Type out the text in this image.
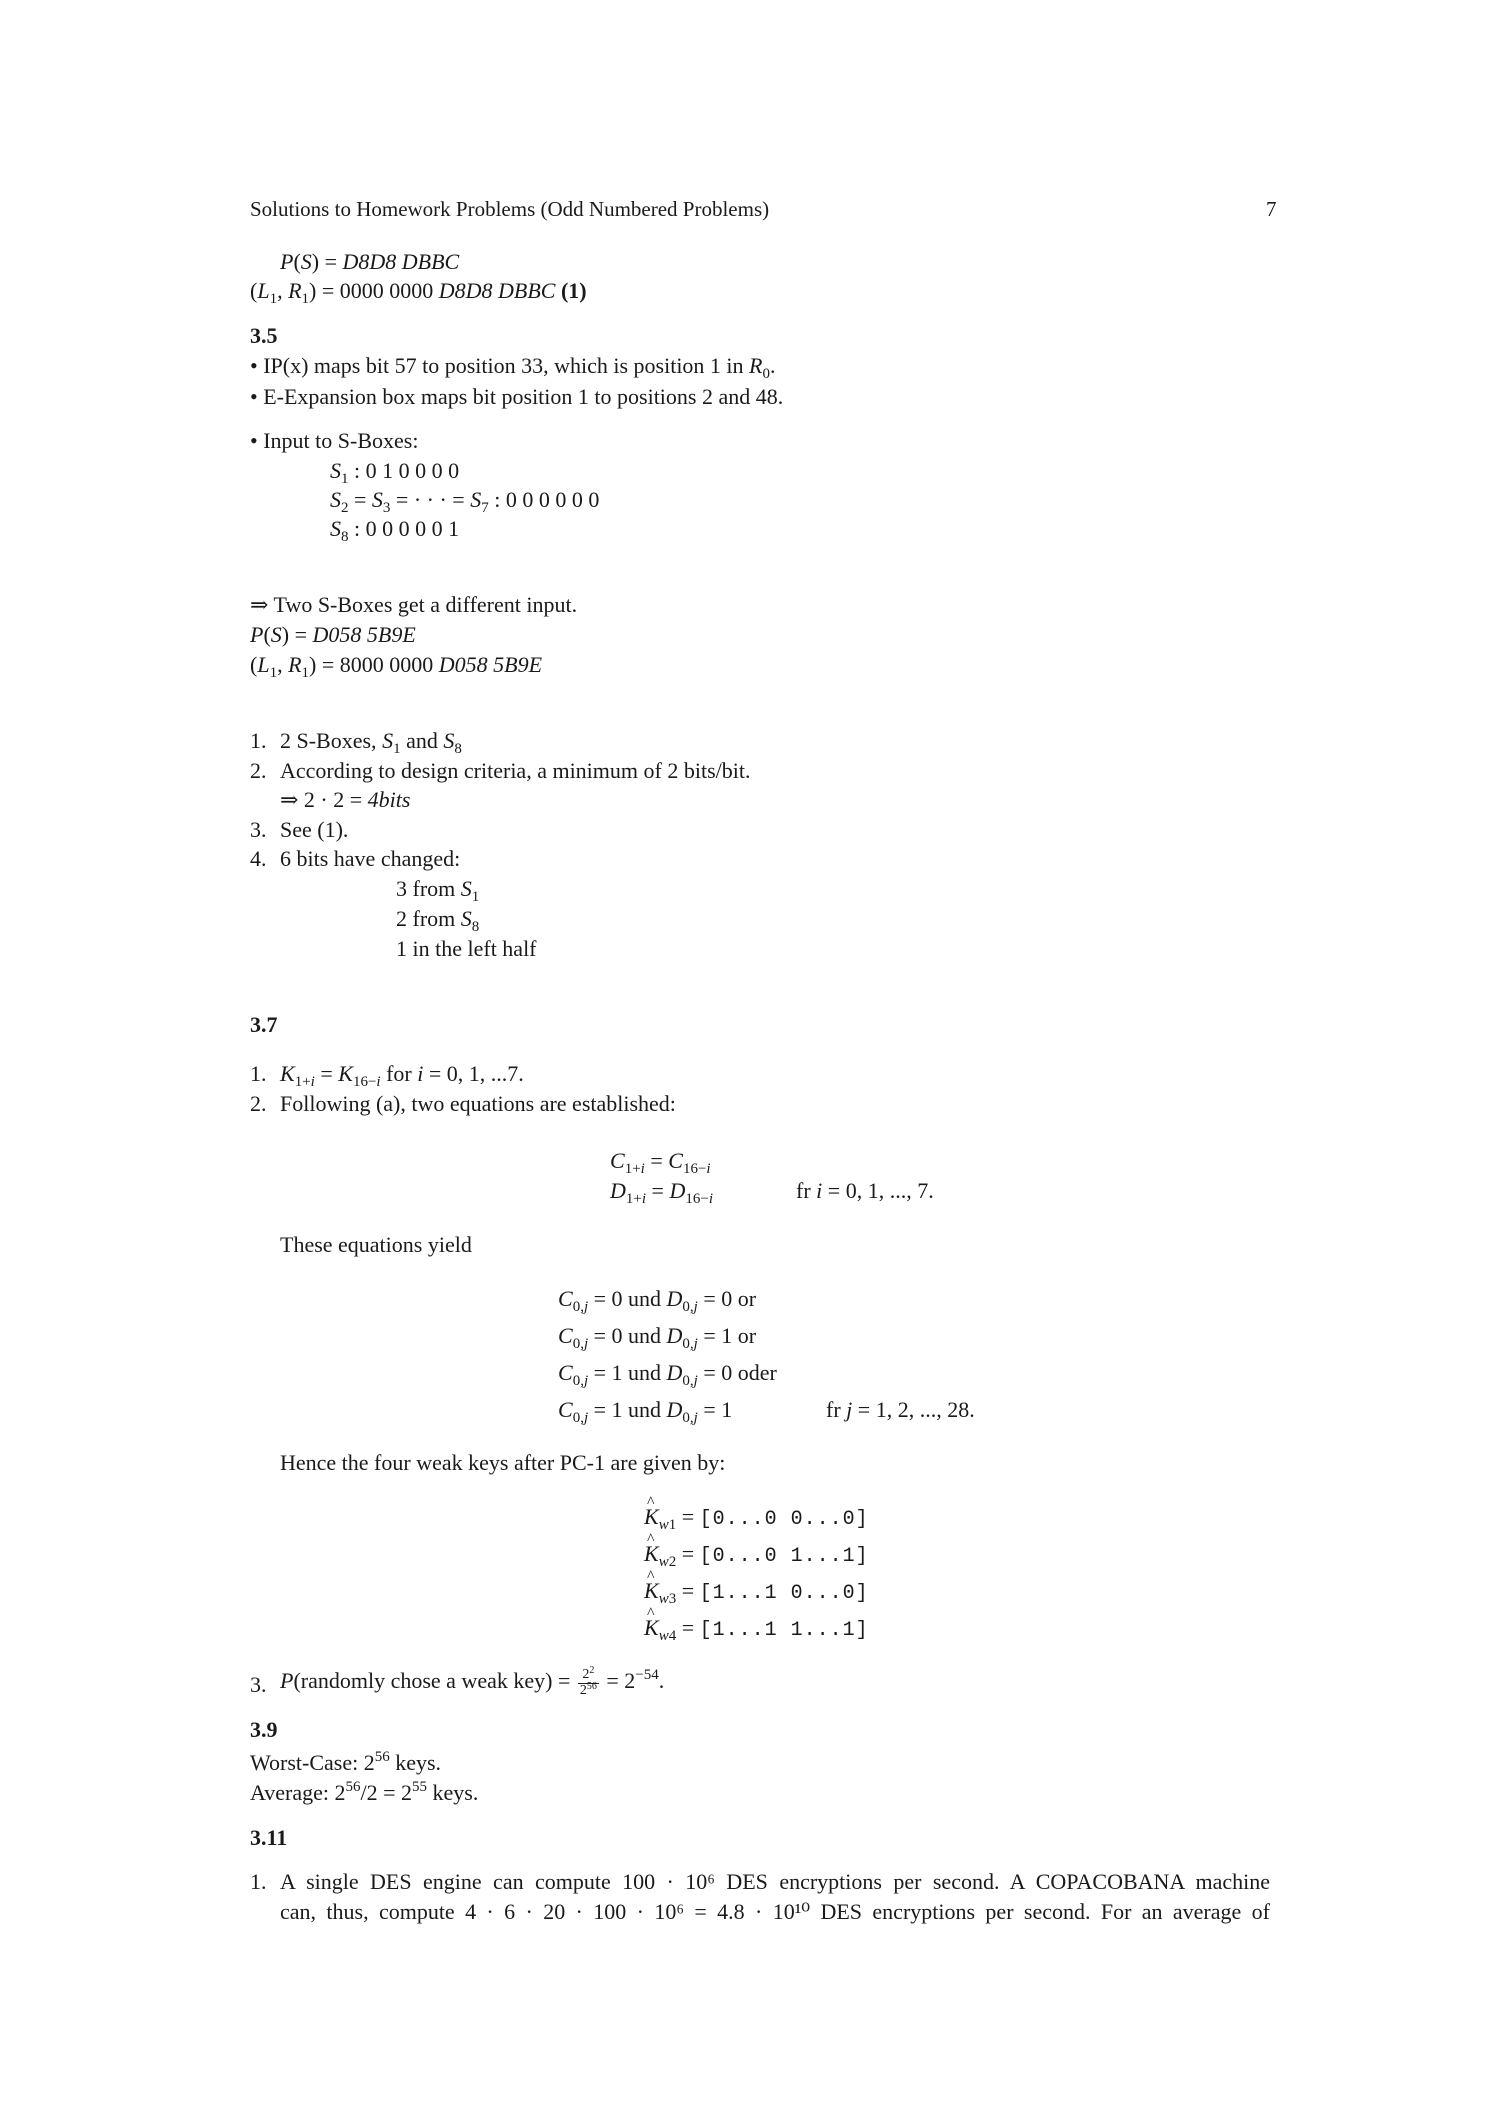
Solutions to Homework Problems (Odd Numbered Problems)	7
P(S) = D8D8 DBBC
($L_1$, $R_1) = 0000$ 0000 D8D8 DBBC (1)
3.5
• IP(x) maps bit 57 to position 33, which is position 1 in $R_0$.
• E-Expansion box maps bit position 1 to positions 2 and 48.
• Input to S-Boxes:
$S_1$ : 0 1 0 0 0 0
$S_2 = S_3$ = · · · = $S_7$ : 0 0 0 0 0 0
$S_8$ : 0 0 0 0 0 1
⇒ Two S-Boxes get a different input.
P(S) = D058 5B9E
($L_1$, $R_1) = 8000$ 0000 D058 5B9E
1. 2 S-Boxes, $S_1$ and $S_8$
2. According to design criteria, a minimum of 2 bits/bit.
⇒ 2 · 2 = 4bits
3. See (1).
4. 6 bits have changed:
3 from $S_1$
2 from $S_8$
1 in the left half
3.7
1. $K_{1+i} = K_{16-i}$ for i = 0, 1, ...7.
2. Following (a), two equations are established:
$C_{1+i} = C_{16-i}$
$D_{1+i} = D_{16-i}$	fr i = 0, 1, ..., 7.
These equations yield
$C_{0,j} = 0$ und $D_{0,j} = 0$ or
$C_{0,j} = 0$ und $D_{0,j} = 1$ or
$C_{0,j} = 1$ und $D_{0,j} = 0$ oder
$C_{0,j} = 1$ und $D_{0,j} = 1$	fr j = 1, 2, ..., 28.
Hence the four weak keys after PC-1 are given by:
^ $K_{w1} = [0...0$ 0...0]
^ $K_{w2} = [0...0$ 1...1]
^ $K_{w3} = [1...1$ 0...0]
^ $K_{w4} = [1...1$ 1...1]
3. P(randomly chose a weak $key) = \frac{2^2}{2^{56}} = 2^{-54}$.
3.9
Worst-Case: $2^{56}$ keys.
Average: $2^{56}/2 = 2^{55}$ keys.
3.11
1. A single DES engine can compute 100 · 10⁶ DES encryptions per second. A COPACOBANA machine
can, thus, compute 4 · 6 · 20 · 100 · 10⁶ = 4.8 · 10¹⁰ DES encryptions per second. For an average of
